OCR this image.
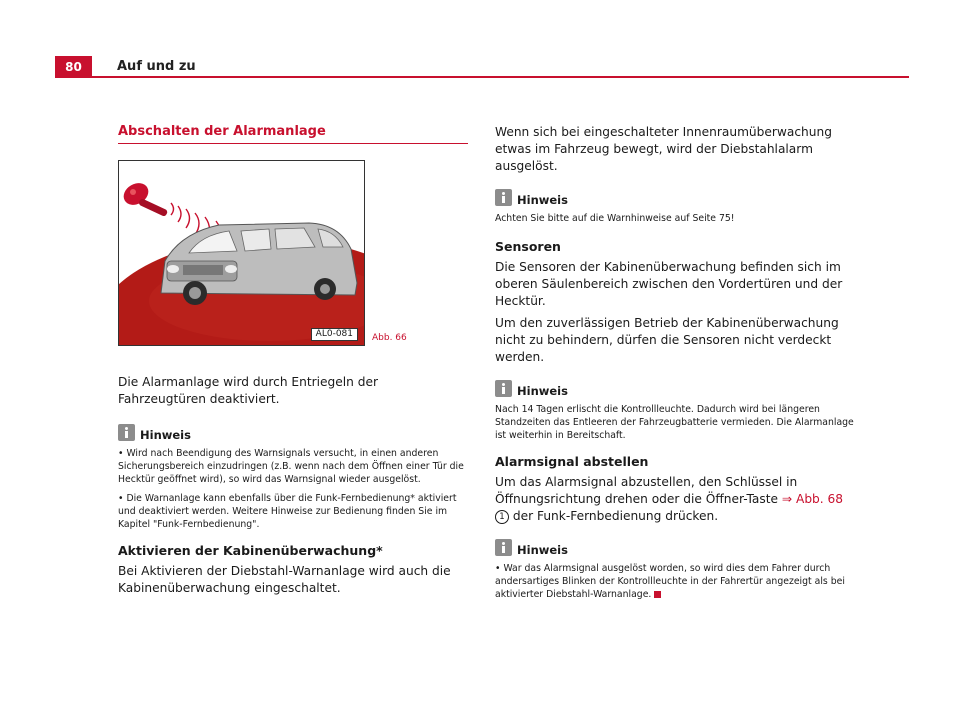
80	Auf und zu
Abschalten der Alarmanlage
AL0-081	Abb. 66

Die Alarmanlage wird durch Entriegeln der Fahrzeugtüren deaktiviert.

Hinweis

• Wird nach Beendigung des Warnsignals versucht, in einen anderen Sicherungsbereich einzudringen (z.B. wenn nach dem Öffnen einer Tür die Hecktür geöffnet wird), so wird das Warnsignal wieder ausgelöst.

• Die Warnanlage kann ebenfalls über die Funk-Fernbedienung* aktiviert und deaktiviert werden. Weitere Hinweise zur Bedienung finden Sie im Kapitel "Funk-Fernbedienung".

Aktivieren der Kabinenüberwachung*

Bei Aktivieren der Diebstahl-Warnanlage wird auch die Kabinenüberwachung eingeschaltet.

Wenn sich bei eingeschalteter Innenraumüberwachung etwas im Fahrzeug bewegt, wird der Diebstahlalarm ausgelöst.

Hinweis

Achten Sie bitte auf die Warnhinweise auf Seite 75!

Sensoren

Die Sensoren der Kabinenüberwachung befinden sich im oberen Säulenbereich zwischen den Vordertüren und der Hecktür.

Um den zuverlässigen Betrieb der Kabinenüberwachung nicht zu behindern, dürfen die Sensoren nicht verdeckt werden.

Hinweis

Nach 14 Tagen erlischt die Kontrollleuchte. Dadurch wird bei längeren Standzeiten das Entleeren der Fahrzeugbatterie vermieden. Die Alarmanlage ist weiterhin in Bereitschaft.

Alarmsignal abstellen

Um das Alarmsignal abzustellen, den Schlüssel in Öffnungsrichtung drehen oder die Öffner-Taste ⇒ Abb. 68 1 der Funk-Fernbedienung drücken.

Hinweis

• War das Alarmsignal ausgelöst worden, so wird dies dem Fahrer durch andersartiges Blinken der Kontrollleuchte in der Fahrertür angezeigt als bei aktivierter Diebstahl-Warnanlage.
